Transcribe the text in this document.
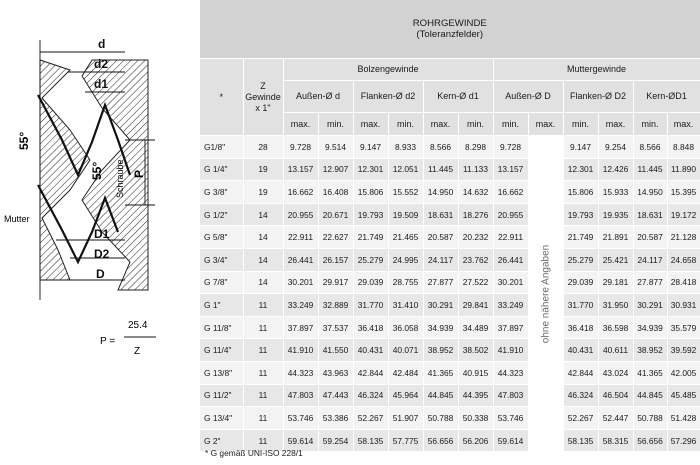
d
d2
d1
D1
D2
D
55°
55° Schraube P
Mutter
P =
25.4
Z
ROHRGEWINDE
(Toleranzfelder)													

*	Z Gewinde x 1"	Bolzengewinde						Muttergewinde					
		Außen-Ø d		Flanken-Ø d2		Kern-Ø d1		Außen-Ø D		Flanken-Ø D2		Kern-ØD1	
		max.	min.	max.	min.	max.	min.	min.	max.	min.	max.	min.	max.
G1/8"	28	9.728	9.514	9.147	8.933	8.566	8.298	9.728	ohne nähere Angaben	9.147	9.254	8.566	8.848
G 1/4"	19	13.157	12.907	12.301	12.051	11.445	11.133	13.157		12.301	12.426	11.445	11.890
G 3/8"	19	16.662	16.408	15.806	15.552	14.950	14.632	16.662		15.806	15.933	14.950	15.395
G 1/2"	14	20.955	20.671	19.793	19.509	18.631	18.276	20.955		19.793	19.935	18.631	19.172
G 5/8"	14	22.911	22.627	21.749	21.465	20.587	20.232	22.911		21.749	21.891	20.587	21.128
G 3/4"	14	26.441	26.157	25.279	24.995	24.117	23.762	26.441		25.279	25.421	24.117	24.658
G 7/8"	14	30.201	29.917	29.039	28.755	27.877	27.522	30.201		29.039	29.181	27.877	28.418
G 1"	11	33.249	32.889	31.770	31.410	30.291	29.841	33.249		31.770	31.950	30.291	30.931
G 11/8"	11	37.897	37.537	36.418	36.058	34.939	34.489	37.897		36.418	36.598	34.939	35.579
G 11/4"	11	41.910	41.550	40.431	40.071	38.952	38.502	41.910		40.431	40.611	38.952	39.592
G 13/8"	11	44.323	43.963	42.844	42.484	41.365	40.915	44.323		42.844	43.024	41.365	42.005
G 11/2"	11	47.803	47.443	46.324	45.964	44.845	44.395	47.803		46.324	46.504	44.845	45.485
G 13/4"	11	53.746	53.386	52.267	51.907	50.788	50.338	53.746		52.267	52.447	50.788	51.428
G 2"	11	59.614	59.254	58.135	57.775	56.656	56.206	59.614		58.135	58.315	56.656	57.296
* G gemäß UNI-ISO 228/1
